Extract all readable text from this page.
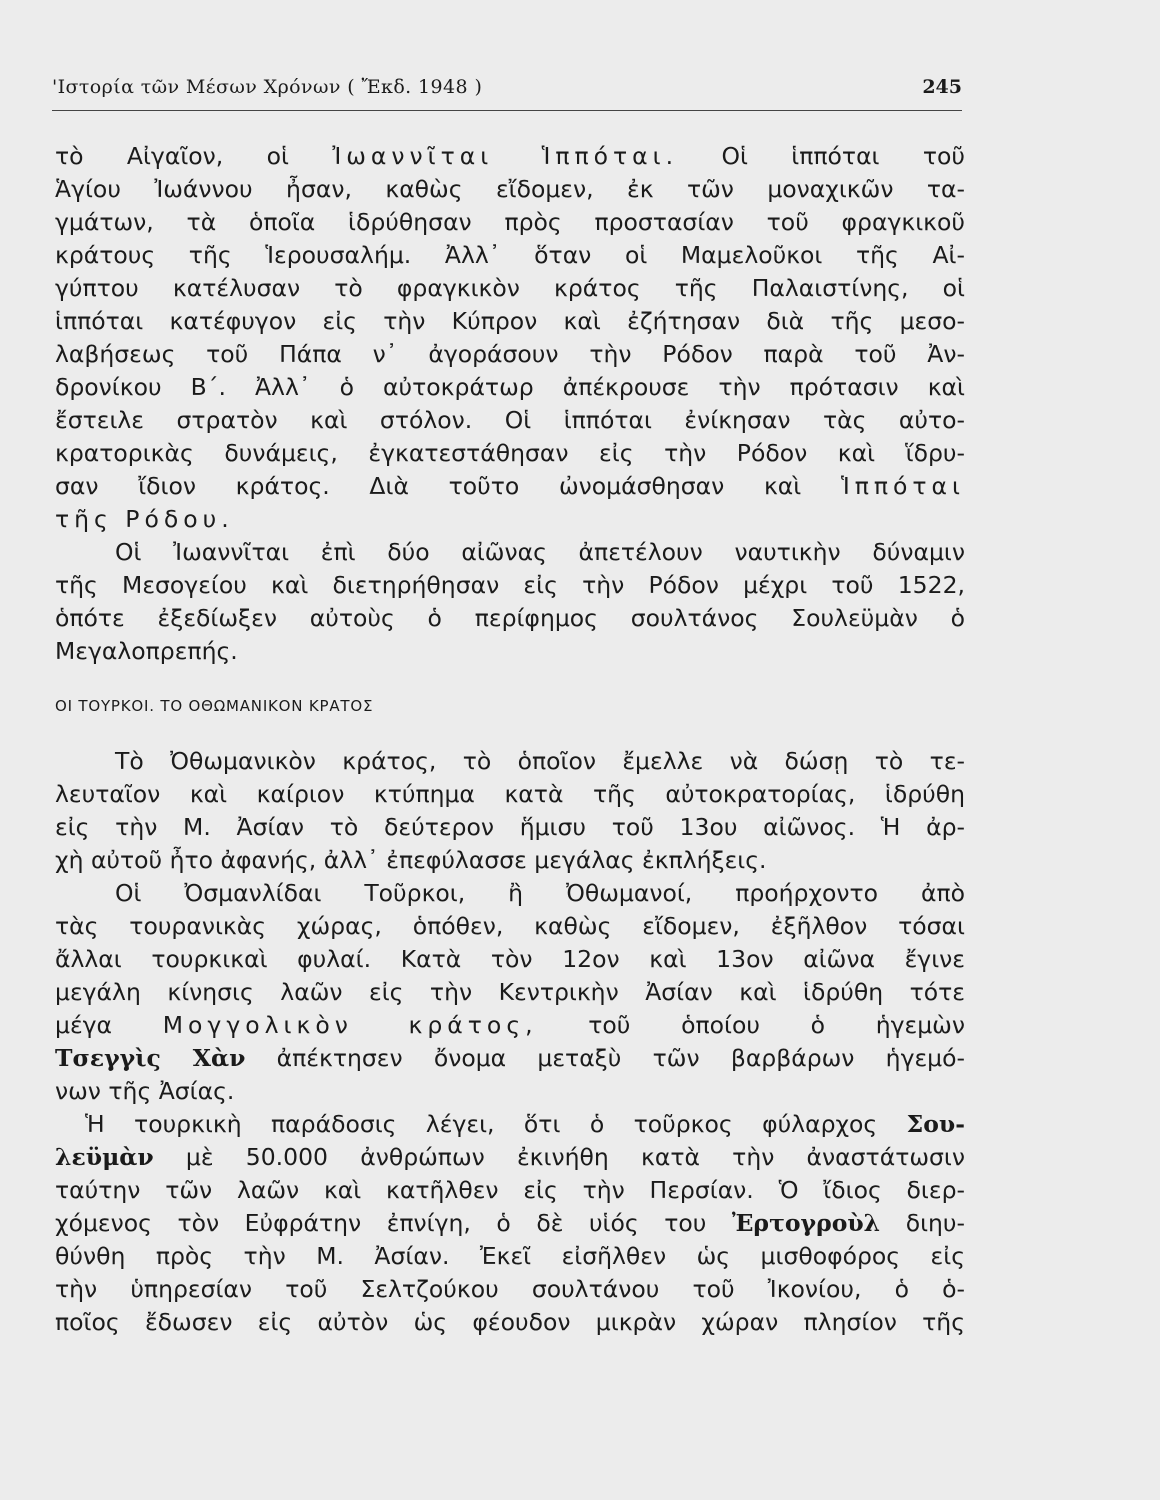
'Ιστορία τῶν Μέσων Χρόνων ( Ἔκδ. 1948 )	245
τὸ Αἰγαῖον, οἱ Ἰωαννῖται Ἱππόται. Οἱ ἱππόται τοῦ
Ἁγίου Ἰωάννου ἦσαν, καθὼς εἴδομεν, ἐκ τῶν μοναχικῶν τα-
γμάτων, τὰ ὁποῖα ἱδρύθησαν πρὸς προστασίαν τοῦ φραγκικοῦ
κράτους τῆς Ἱερουσαλήμ. Ἀλλ᾽ ὅταν οἱ Μαμελοῦκοι τῆς Αἰ-
γύπτου κατέλυσαν τὸ φραγκικὸν κράτος τῆς Παλαιστίνης, οἱ
ἱππόται κατέφυγον εἰς τὴν Κύπρον καὶ ἐζήτησαν διὰ τῆς μεσο-
λαβήσεως τοῦ Πάπα ν᾽ ἀγοράσουν τὴν Ρόδον παρὰ τοῦ Ἀν-
δρονίκου Β΄. Ἀλλ᾽ ὁ αὐτοκράτωρ ἀπέκρουσε τὴν πρότασιν καὶ
ἔστειλε στρατὸν καὶ στόλον. Οἱ ἱππόται ἐνίκησαν τὰς αὐτο-
κρατορικὰς δυνάμεις, ἐγκατεστάθησαν εἰς τὴν Ρόδον καὶ ἵδρυ-
σαν ἴδιον κράτος. Διὰ τοῦτο ὠνομάσθησαν καὶ Ἱππόται
τῆς Ρόδου.
Οἱ Ἰωαννῖται ἐπὶ δύο αἰῶνας ἀπετέλουν ναυτικὴν δύναμιν
τῆς Μεσογείου καὶ διετηρήθησαν εἰς τὴν Ρόδον μέχρι τοῦ 1522,
ὁπότε ἐξεδίωξεν αὐτοὺς ὁ περίφημος σουλτάνος Σουλεϋμὰν ὁ
Μεγαλοπρεπής.
ΟΙ ΤΟΥΡΚΟΙ. ΤΟ ΟΘΩΜΑΝΙΚΟΝ ΚΡΑΤΟΣ
Τὸ Ὀθωμανικὸν κράτος, τὸ ὁποῖον ἔμελλε νὰ δώσῃ τὸ τε-
λευταῖον καὶ καίριον κτύπημα κατὰ τῆς αὐτοκρατορίας, ἱδρύθη
εἰς τὴν Μ. Ἀσίαν τὸ δεύτερον ἥμισυ τοῦ 13ου αἰῶνος. Ἡ ἀρ-
χὴ αὐτοῦ ἦτο ἀφανής, ἀλλ᾽ ἐπεφύλασσε μεγάλας ἐκπλήξεις.
Οἱ Ὀσμανλίδαι Τοῦρκοι, ἢ Ὀθωμανοί, προήρχοντο ἀπὸ
τὰς τουρανικὰς χώρας, ὁπόθεν, καθὼς εἴδομεν, ἐξῆλθον τόσαι
ἄλλαι τουρκικαὶ φυλαί. Κατὰ τὸν 12ον καὶ 13ον αἰῶνα ἔγινε
μεγάλη κίνησις λαῶν εἰς τὴν Κεντρικὴν Ἀσίαν καὶ ἱδρύθη τότε
μέγα Μογγολικὸν κράτος, τοῦ ὁποίου ὁ ἡγεμὼν
Τσεγγὶς Χὰν ἀπέκτησεν ὄνομα μεταξὺ τῶν βαρβάρων ἡγεμό-
νων τῆς Ἀσίας.
Ἡ τουρκικὴ παράδοσις λέγει, ὅτι ὁ τοῦρκος φύλαρχος Σου-
λεϋμὰν μὲ 50.000 ἀνθρώπων ἐκινήθη κατὰ τὴν ἀναστάτωσιν
ταύτην τῶν λαῶν καὶ κατῆλθεν εἰς τὴν Περσίαν. Ὁ ἴδιος διερ-
χόμενος τὸν Εὐφράτην ἐπνίγη, ὁ δὲ υἱός του Ἐρτογροὺλ διηυ-
θύνθη πρὸς τὴν Μ. Ἀσίαν. Ἐκεῖ εἰσῆλθεν ὡς μισθοφόρος εἰς
τὴν ὑπηρεσίαν τοῦ Σελτζούκου σουλτάνου τοῦ Ἰκονίου, ὁ ὁ-
ποῖος ἔδωσεν εἰς αὐτὸν ὡς φέουδον μικρὰν χώραν πλησίον τῆς
